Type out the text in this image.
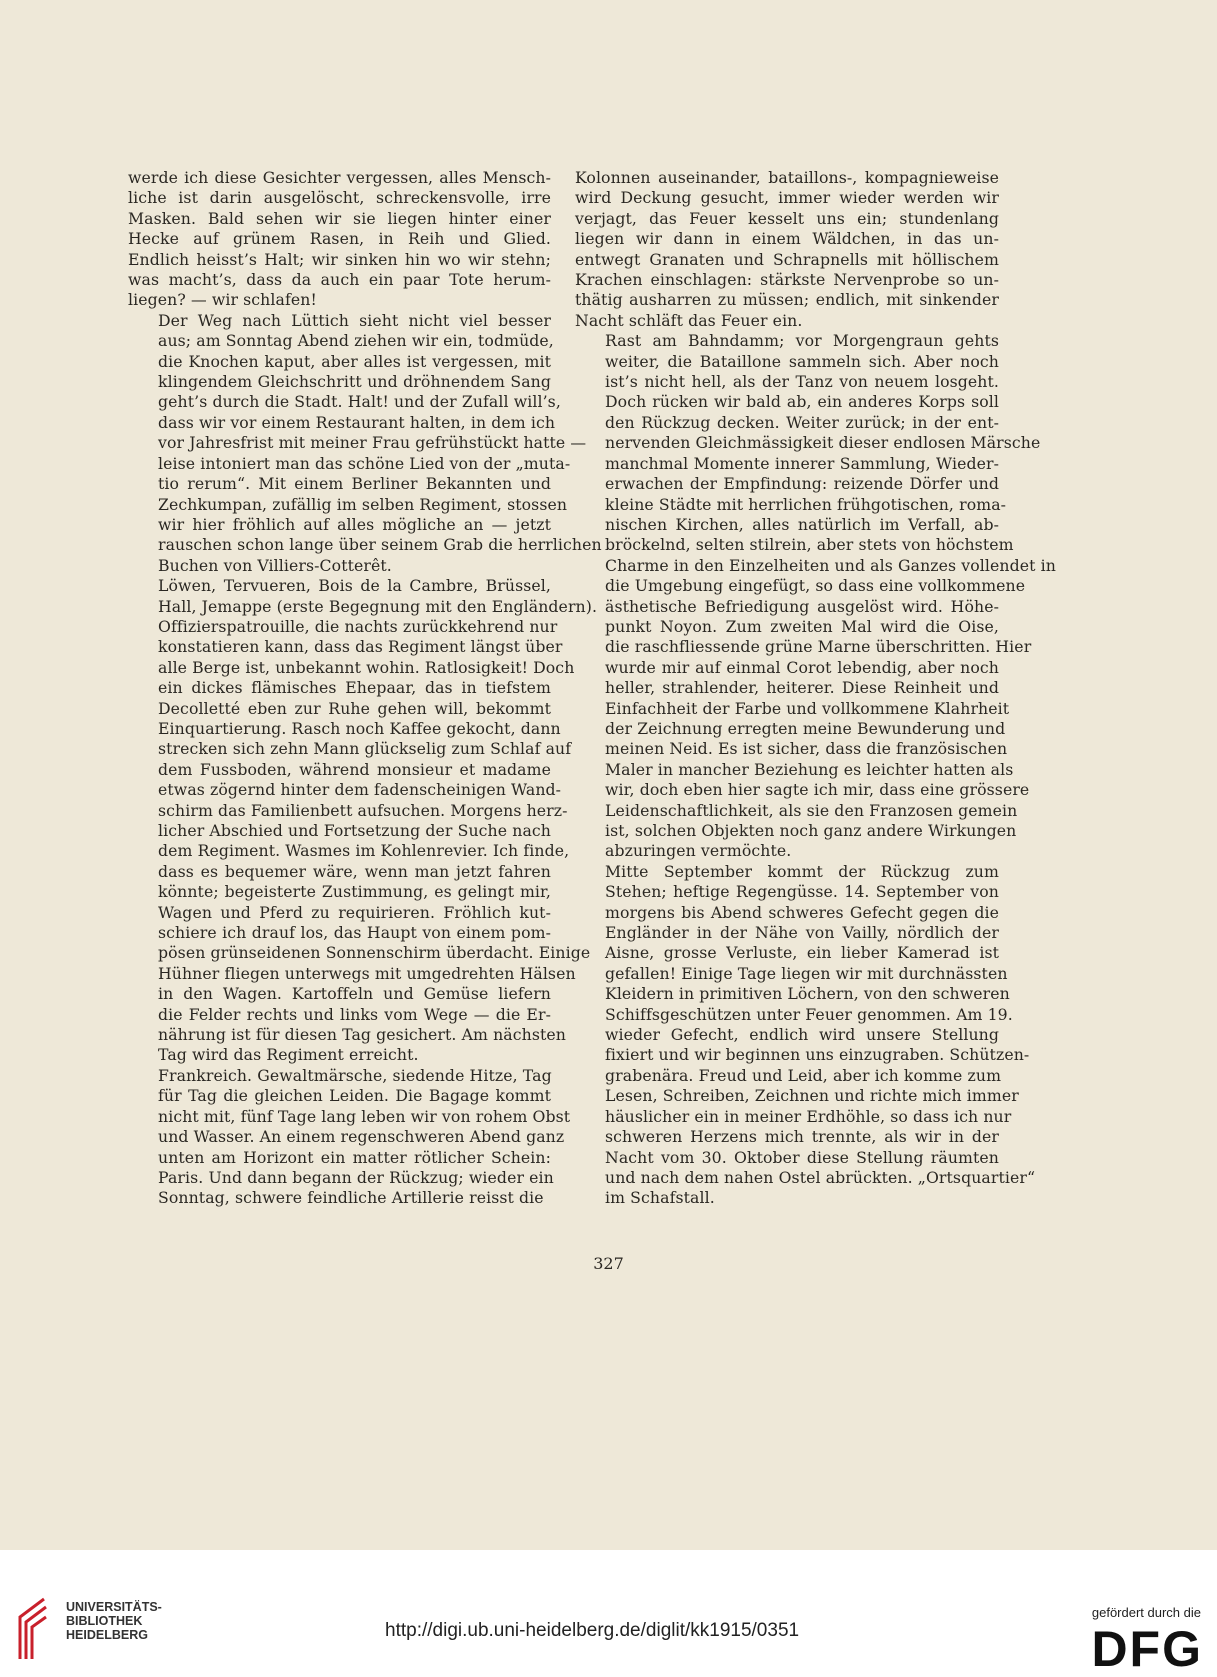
werde ich diese Gesichter vergessen, alles Mensch-
liche ist darin ausgelöscht, schreckensvolle, irre
Masken. Bald sehen wir sie liegen hinter einer
Hecke auf grünem Rasen, in Reih und Glied.
Endlich heisst’s Halt; wir sinken hin wo wir stehn;
was macht’s, dass da auch ein paar Tote herum-
liegen? — wir schlafen!
Der Weg nach Lüttich sieht nicht viel besser
aus; am Sonntag Abend ziehen wir ein, todmüde,
die Knochen kaput, aber alles ist vergessen, mit
klingendem Gleichschritt und dröhnendem Sang
geht’s durch die Stadt. Halt! und der Zufall will’s,
dass wir vor einem Restaurant halten, in dem ich
vor Jahresfrist mit meiner Frau gefrühstückt hatte —
leise intoniert man das schöne Lied von der „muta-
tio rerum“. Mit einem Berliner Bekannten und
Zechkumpan, zufällig im selben Regiment, stossen
wir hier fröhlich auf alles mögliche an — jetzt
rauschen schon lange über seinem Grab die herrlichen
Buchen von Villiers-Cotterêt.
Löwen, Tervueren, Bois de la Cambre, Brüssel,
Hall, Jemappe (erste Begegnung mit den Engländern).
Offizierspatrouille, die nachts zurückkehrend nur
konstatieren kann, dass das Regiment längst über
alle Berge ist, unbekannt wohin. Ratlosigkeit! Doch
ein dickes flämisches Ehepaar, das in tiefstem
Decolletté eben zur Ruhe gehen will, bekommt
Einquartierung. Rasch noch Kaffee gekocht, dann
strecken sich zehn Mann glückselig zum Schlaf auf
dem Fussboden, während monsieur et madame
etwas zögernd hinter dem fadenscheinigen Wand-
schirm das Familienbett aufsuchen. Morgens herz-
licher Abschied und Fortsetzung der Suche nach
dem Regiment. Wasmes im Kohlenrevier. Ich finde,
dass es bequemer wäre, wenn man jetzt fahren
könnte; begeisterte Zustimmung, es gelingt mir,
Wagen und Pferd zu requirieren. Fröhlich kut-
schiere ich drauf los, das Haupt von einem pom-
pösen grünseidenen Sonnenschirm überdacht. Einige
Hühner fliegen unterwegs mit umgedrehten Hälsen
in den Wagen. Kartoffeln und Gemüse liefern
die Felder rechts und links vom Wege — die Er-
nährung ist für diesen Tag gesichert. Am nächsten
Tag wird das Regiment erreicht.
Frankreich. Gewaltmärsche, siedende Hitze, Tag
für Tag die gleichen Leiden. Die Bagage kommt
nicht mit, fünf Tage lang leben wir von rohem Obst
und Wasser. An einem regenschweren Abend ganz
unten am Horizont ein matter rötlicher Schein:
Paris. Und dann begann der Rückzug; wieder ein
Sonntag, schwere feindliche Artillerie reisst die
Kolonnen auseinander, bataillons-, kompagnieweise
wird Deckung gesucht, immer wieder werden wir
verjagt, das Feuer kesselt uns ein; stundenlang
liegen wir dann in einem Wäldchen, in das un-
entwegt Granaten und Schrapnells mit höllischem
Krachen einschlagen: stärkste Nervenprobe so un-
thätig ausharren zu müssen; endlich, mit sinkender
Nacht schläft das Feuer ein.
Rast am Bahndamm; vor Morgengraun gehts
weiter, die Bataillone sammeln sich. Aber noch
ist’s nicht hell, als der Tanz von neuem losgeht.
Doch rücken wir bald ab, ein anderes Korps soll
den Rückzug decken. Weiter zurück; in der ent-
nervenden Gleichmässigkeit dieser endlosen Märsche
manchmal Momente innerer Sammlung, Wieder-
erwachen der Empfindung: reizende Dörfer und
kleine Städte mit herrlichen frühgotischen, roma-
nischen Kirchen, alles natürlich im Verfall, ab-
bröckelnd, selten stilrein, aber stets von höchstem
Charme in den Einzelheiten und als Ganzes vollendet in
die Umgebung eingefügt, so dass eine vollkommene
ästhetische Befriedigung ausgelöst wird. Höhe-
punkt Noyon. Zum zweiten Mal wird die Oise,
die raschfliessende grüne Marne überschritten. Hier
wurde mir auf einmal Corot lebendig, aber noch
heller, strahlender, heiterer. Diese Reinheit und
Einfachheit der Farbe und vollkommene Klahrheit
der Zeichnung erregten meine Bewunderung und
meinen Neid. Es ist sicher, dass die französischen
Maler in mancher Beziehung es leichter hatten als
wir, doch eben hier sagte ich mir, dass eine grössere
Leidenschaftlichkeit, als sie den Franzosen gemein
ist, solchen Objekten noch ganz andere Wirkungen
abzuringen vermöchte.
Mitte September kommt der Rückzug zum
Stehen; heftige Regengüsse. 14. September von
morgens bis Abend schweres Gefecht gegen die
Engländer in der Nähe von Vailly, nördlich der
Aisne, grosse Verluste, ein lieber Kamerad ist
gefallen! Einige Tage liegen wir mit durchnässten
Kleidern in primitiven Löchern, von den schweren
Schiffsgeschützen unter Feuer genommen. Am 19.
wieder Gefecht, endlich wird unsere Stellung
fixiert und wir beginnen uns einzugraben. Schützen-
grabenära. Freud und Leid, aber ich komme zum
Lesen, Schreiben, Zeichnen und richte mich immer
häuslicher ein in meiner Erdhöhle, so dass ich nur
schweren Herzens mich trennte, als wir in der
Nacht vom 30. Oktober diese Stellung räumten
und nach dem nahen Ostel abrückten. „Ortsquartier“
im Schafstall.
327
UNIVERSITÄTS-
BIBLIOTHEK
HEIDELBERG	http://digi.ub.uni-heidelberg.de/diglit/kk1915/0351
gefördert durch die
DFG
